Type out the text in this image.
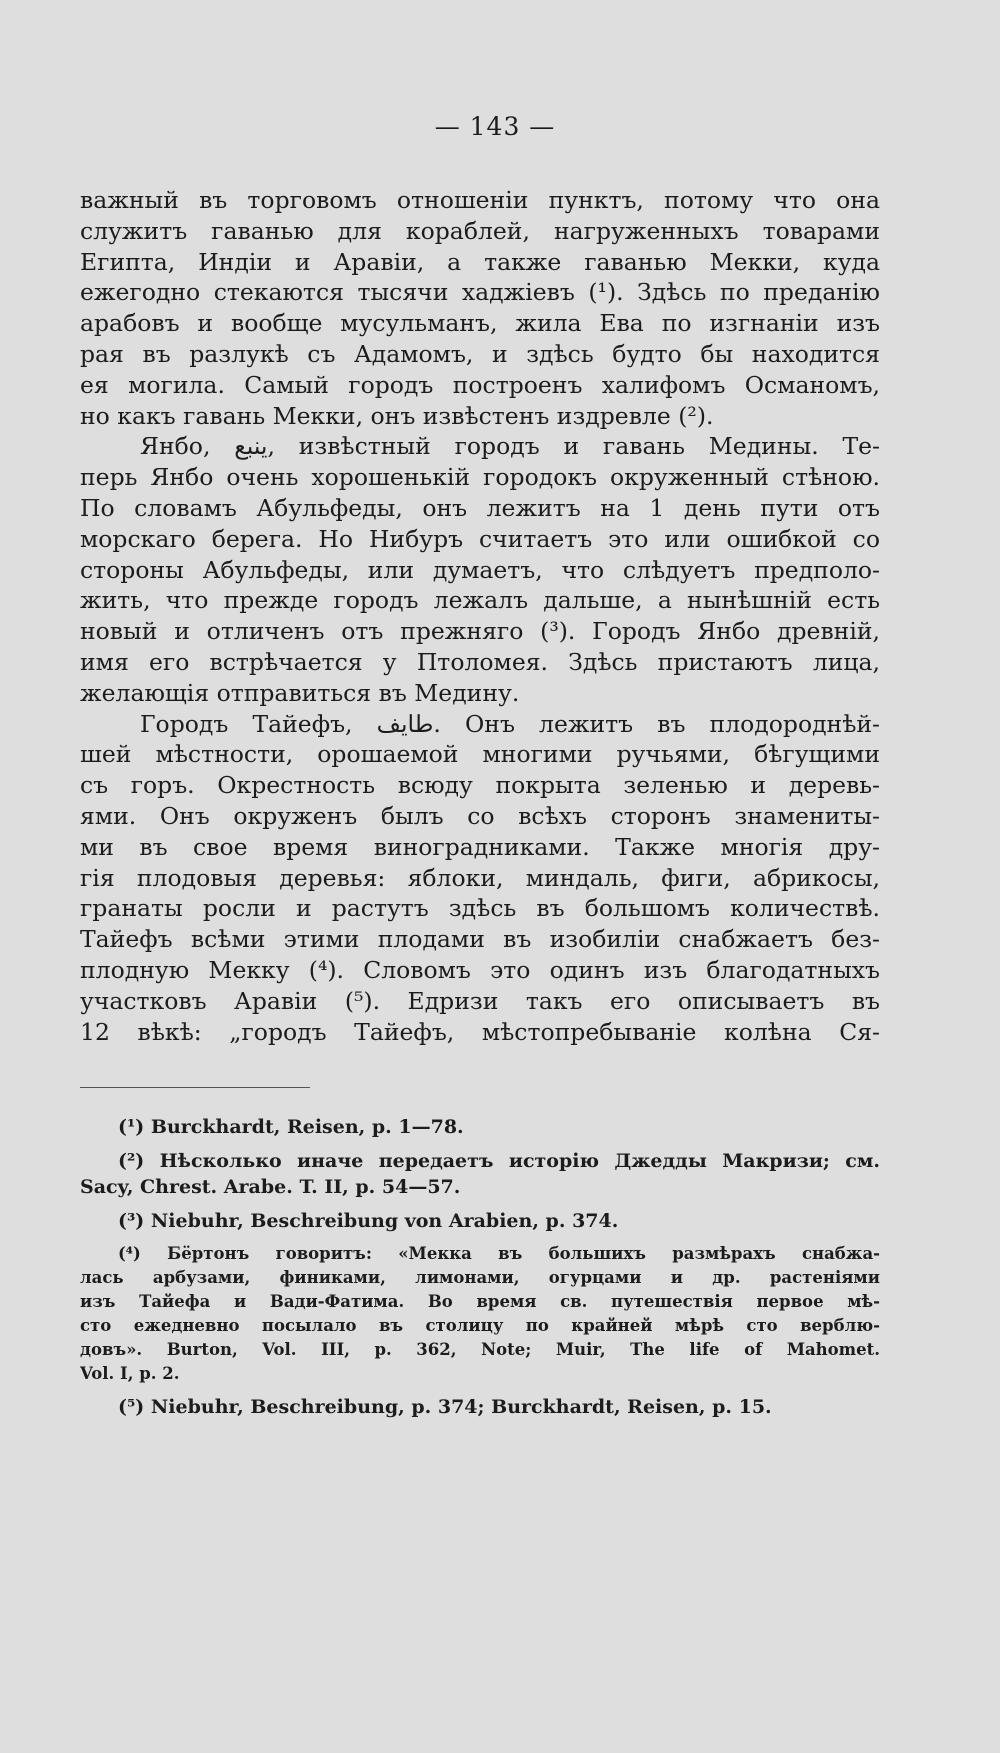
— 143 —
важный въ торговомъ отношеніи пунктъ, потому что она
служитъ гаванью для кораблей, нагруженныхъ товарами
Египта, Индіи и Аравіи, а также гаванью Мекки, куда
ежегодно стекаются тысячи хаджіевъ (¹). Здѣсь по преданію
арабовъ и вообще мусульманъ, жила Ева по изгнаніи изъ
рая въ разлукѣ съ Адамомъ, и здѣсь будто бы находится
ея могила. Самый городъ построенъ халифомъ Османомъ,
но какъ гавань Мекки, онъ извѣстенъ издревле (²).
Янбо, ينبع, извѣстный городъ и гавань Медины. Те-
перь Янбо очень хорошенькій городокъ окруженный стѣною.
По словамъ Абульфеды, онъ лежитъ на 1 день пути отъ
морскаго берега. Но Нибуръ считаетъ это или ошибкой со
стороны Абульфеды, или думаетъ, что слѣдуетъ предполо-
жить, что прежде городъ лежалъ дальше, а нынѣшній есть
новый и отличенъ отъ прежняго (³). Городъ Янбо древній,
имя его встрѣчается у Птоломея. Здѣсь пристаютъ лица,
желающія отправиться въ Медину.
Городъ Тайефъ, طايف. Онъ лежитъ въ плодороднѣй-
шей мѣстности, орошаемой многими ручьями, бѣгущими
съ горъ. Окрестность всюду покрыта зеленью и деревь-
ями. Онъ окруженъ былъ со всѣхъ сторонъ знамениты-
ми въ свое время виноградниками. Также многія дру-
гія плодовыя деревья: яблоки, миндаль, фиги, абрикосы,
гранаты росли и растутъ здѣсь въ большомъ количествѣ.
Тайефъ всѣми этими плодами въ изобиліи снабжаетъ без-
плодную Мекку (⁴). Словомъ это одинъ изъ благодатныхъ
участковъ Аравіи (⁵). Едризи такъ его описываетъ въ
12 вѣкѣ: „городъ Тайефъ, мѣстопребываніе колѣна Ся-
(¹) Burckhardt, Reisen, p. 1—78.
(²) Нѣсколько иначе передаетъ исторію Джедды Макризи; см.
Sacy, Chrest. Arabe. T. II, p. 54—57.
(³) Niebuhr, Beschreibung von Arabien, p. 374.
(⁴) Бёртонъ говоритъ: «Мекка въ большихъ размѣрахъ снабжа-
лась арбузами, финиками, лимонами, огурцами и др. растеніями
изъ Тайефа и Вади-Фатима. Во время св. путешествія первое мѣ-
сто ежедневно посылало въ столицу по крайней мѣрѣ сто верблю-
довъ». Burton, Vol. III, p. 362, Note; Muir, The life of Mahomet.
Vol. I, p. 2.
(⁵) Niebuhr, Beschreibung, p. 374; Burckhardt, Reisen, p. 15.
